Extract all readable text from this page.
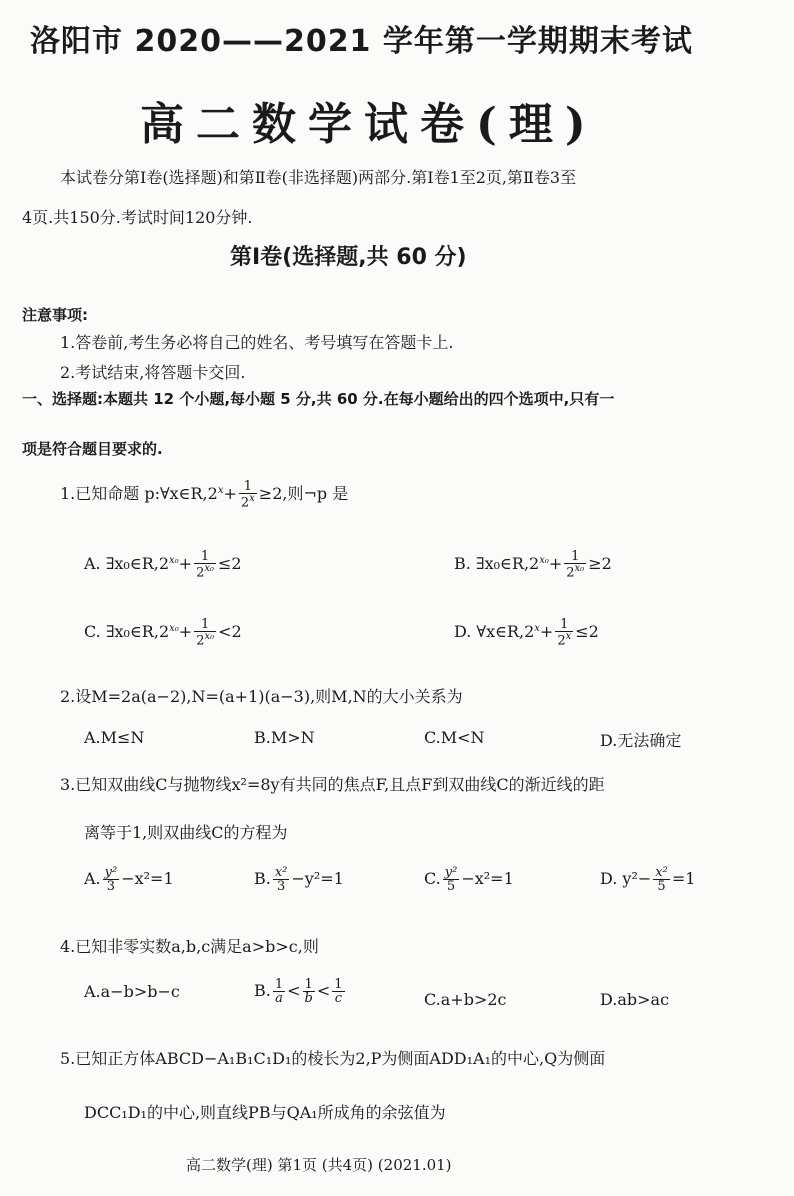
洛阳市 2020——2021 学年第一学期期末考试
高二数学试卷(理)
本试卷分第Ⅰ卷(选择题)和第Ⅱ卷(非选择题)两部分.第Ⅰ卷1至2页,第Ⅱ卷3至
4页.共150分.考试时间120分钟.
第Ⅰ卷(选择题,共 60 分)
注意事项:
1.答卷前,考生务必将自己的姓名、考号填写在答题卡上.
2.考试结束,将答题卡交回.
一、选择题:本题共 12 个小题,每小题 5 分,共 60 分.在每小题给出的四个选项中,只有一
项是符合题目要求的.
1.已知命题 $p:\forall x\in R,2^x+ \frac{1}{2^x} \ge 2$,则¬p 是
A. $\exists x_0\in R,2^{x_0}+ \frac{1}{2^{x_0}} \le 2$	B. $\exists x_0\in R,2^{x_0}+ \frac{1}{2^{x_0}} \ge 2$
C. $\exists x_0\in R,2^{x_0}+ \frac{1}{2^{x_0}} <2$	D. $\forall x\in R,2^x+ \frac{1}{2^x} \le 2$
2.设M=2a(a−2),N=(a+1)(a−3),则M,N的大小关系为
A.M≤N	B.M>N	C.M<N	D.无法确定
3.已知双曲线C与抛物线x²=8y有共同的焦点F,且点F到双曲线C的渐近线的距
离等于1,则双曲线C的方程为
A. $\frac{\text{y²}}{3} -x^2=1$	B. $\frac{\text{x²}}{3} -y^2=1$	C. $\frac{\text{y²}}{5} -x^2=1$	D. $y^2- \frac{\text{x²}}{5} =1$
4.已知非零实数a,b,c满足a>b>c,则
A.a−b>b−c	B. $\frac{1}{a} < \frac{1}{b} < \frac{1}{c}$	C.a+b>2c	D.ab>ac
5.已知正方体ABCD−A₁B₁C₁D₁的棱长为2,P为侧面ADD₁A₁的中心,Q为侧面
DCC₁D₁的中心,则直线PB与QA₁所成角的余弦值为
高二数学(理) 第1页 (共4页) (2021.01)
